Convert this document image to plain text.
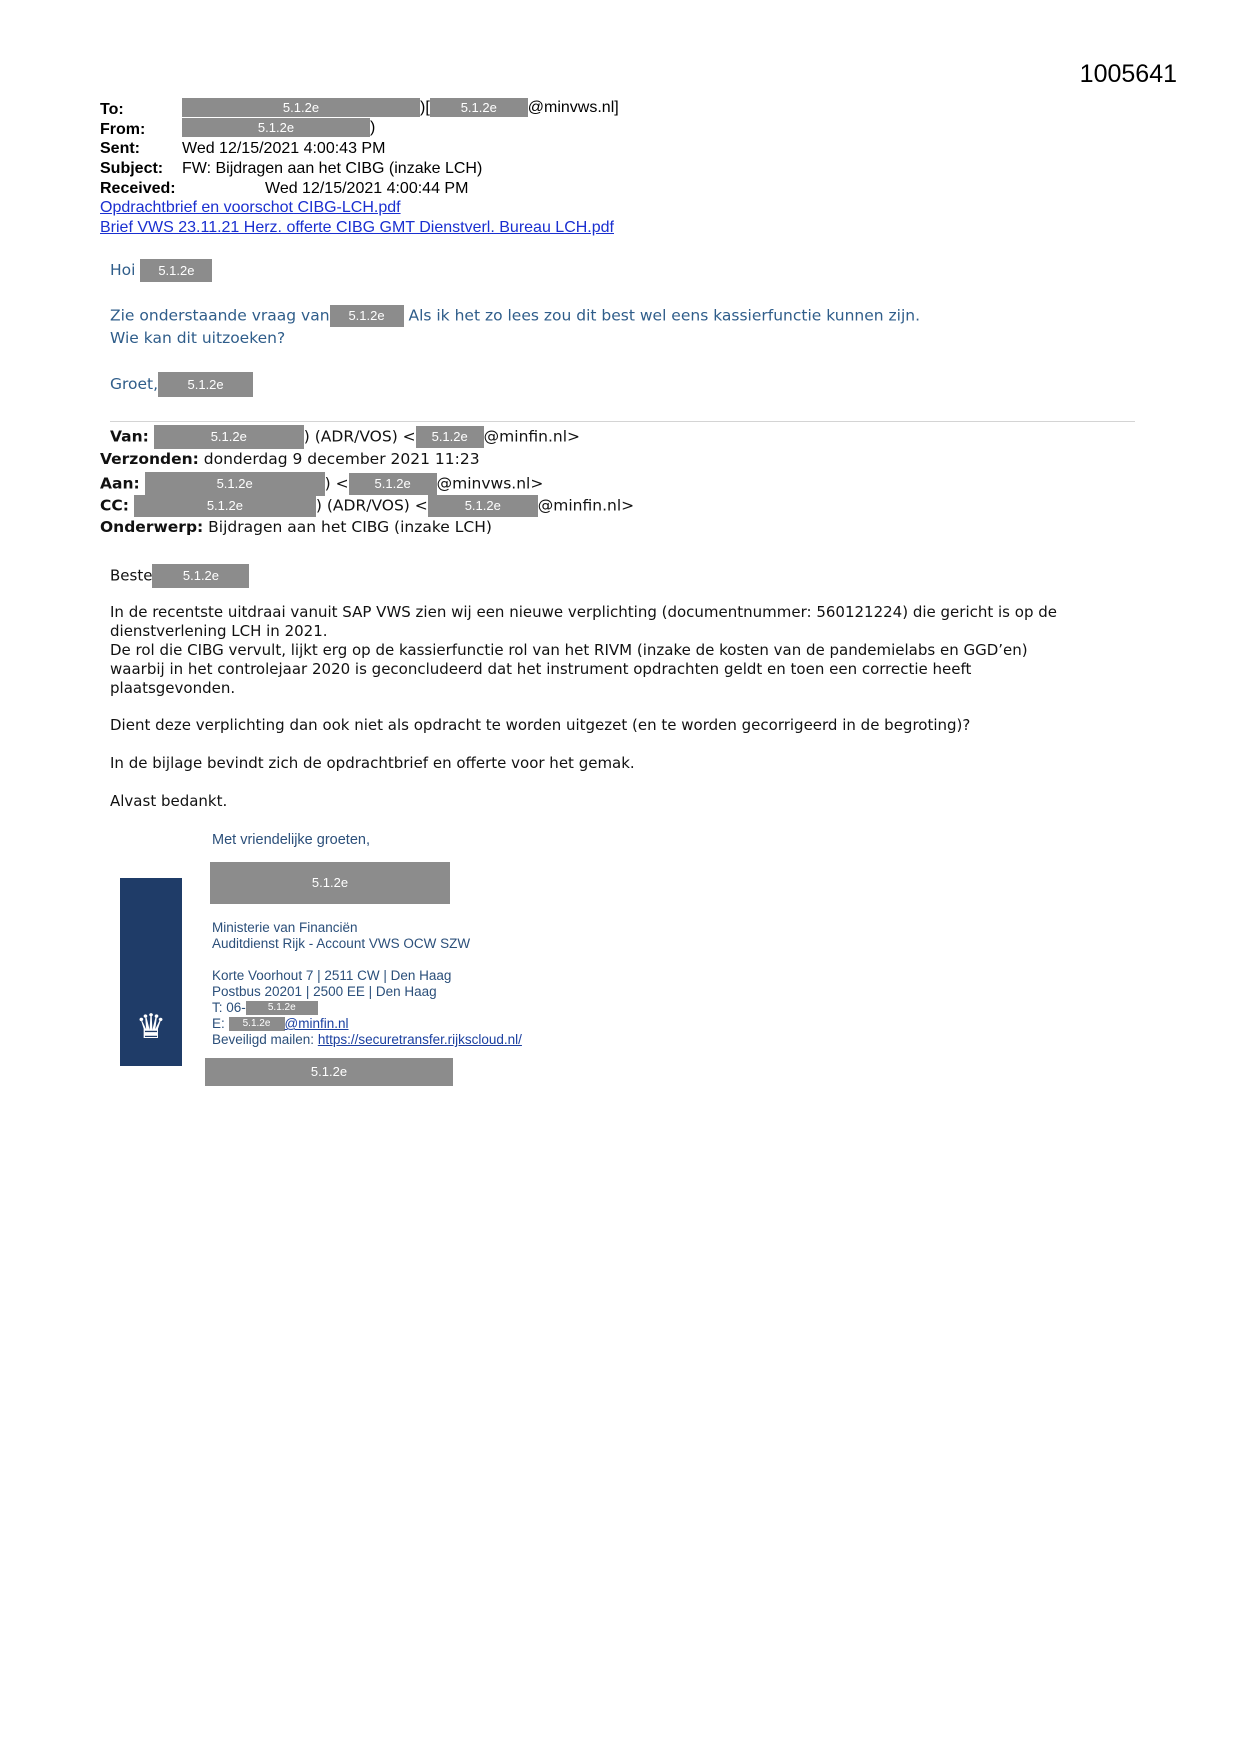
1005641
To:	5.1.2e	)[ 5.1.2e @minvws.nl]
From:	5.1.2e	)
Sent:	Wed 12/15/2021 4:00:43 PM
Subject: FW: Bijdragen aan het CIBG (inzake LCH)
Received:	Wed 12/15/2021 4:00:44 PM
Opdrachtbrief en voorschot CIBG-LCH.pdf
Brief VWS 23.11.21 Herz. offerte CIBG GMT Dienstverl. Bureau LCH.pdf
Hoi 5.1.2e
Zie onderstaande vraag van 5.1.2e Als ik het zo lees zou dit best wel eens kassierfunctie kunnen zijn.
Wie kan dit uitzoeken?
Groet, 5.1.2e
Van:	5.1.2e	) (ADR/VOS) < 5.1.2e @minfin.nl>
Verzonden: donderdag 9 december 2021 11:23
Aan:	5.1.2e	) < 5.1.2e @minvws.nl>
CC:	5.1.2e	) (ADR/VOS) <	5.1.2e @minfin.nl>
Onderwerp: Bijdragen aan het CIBG (inzake LCH)
Beste 5.1.2e
In de recentste uitdraai vanuit SAP VWS zien wij een nieuwe verplichting (documentnummer: 560121224) die gericht is op de
dienstverlening LCH in 2021.
De rol die CIBG vervult, lijkt erg op de kassierfunctie rol van het RIVM (inzake de kosten van de pandemielabs en GGD’en)
waarbij in het controlejaar 2020 is geconcludeerd dat het instrument opdrachten geldt en toen een correctie heeft
plaatsgevonden.
Dient deze verplichting dan ook niet als opdracht te worden uitgezet (en te worden gecorrigeerd in de begroting)?
In de bijlage bevindt zich de opdrachtbrief en offerte voor het gemak.
Alvast bedankt.
Met vriendelijke groeten,
5.1.2e
♛
Ministerie van Financiën
Auditdienst Rijk - Account VWS OCW SZW
Korte Voorhout 7 | 2511 CW | Den Haag
Postbus 20201 | 2500 EE | Den Haag
T: 06- 5.1.2e
E: 5.1.2e @minfin.nl
Beveiligd mailen: https://securetransfer.rijkscloud.nl/
5.1.2e
